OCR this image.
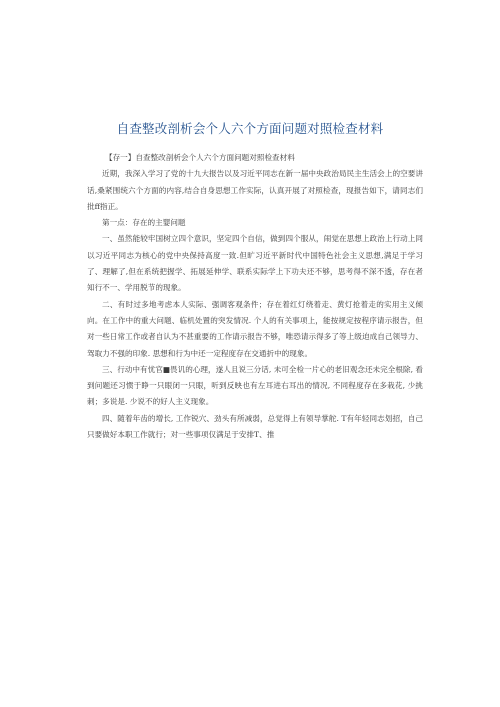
自查整改剖析会个人六个方面问题对照检查材料

【存一】自查整改剖析会个人六个方面问题对照检查材料

近期，我深入学习了党的十九大报告以及习近平同志在新一届中央政治局民主生活会上的空要讲话,桑紧围统六个方面的内容,结合自身思想工作实际，认真开展了对照检查，现报告如下，请同志们批ff指正。

第一点：存在的主婴问题

一、虽然能较牢国树立四个意识，坚定四个自信，做到四个服从，闹觉在思想上政治上行动上同以习近平同志为核心的党中央保持高度一致.但旷习近平新时代中国特色社会主义思想,满足于学习了、理解了,但在系统把握学、拓展延伸学、联系实际学上下功夫还不够，思考得不深不透，存在者知行不一、学用脱节的现象。

二、有时过多地考虑本人实际、强调客观条件；存在着红灯绕着走、黄灯抢着走的实用主义倾向。在工作中的重大问题、临机处置的突发情况. 个人的有关事项上，能按规定按程序请示报告，但对一些日常工作或者自认为不甚重要的工作请示报告不够，唯恐请示得多了等上级迫成自己领导力、驾取力不强的印象. 思想和行为中还一定程度存在交通折中的现象。

三、行动中有忧官■畏讥的心理，遂人且说三分话, 未可全检一片心的老旧观念还未完全根除, 看到问题还习惯于睁一只眼闭一只眼，听到反映也有左耳进右耳出的情况, 不同程度存在多栽花, 少挑刺；多说是. 少说不的好人主义现象。

四、随着年齿的增长, 工作锐穴、劲头有所减弱，总觉得上有领导掌舵. T有年轻同志划招，自己只要做好本职工作就行；对一些事项仅满足于安排T、推
